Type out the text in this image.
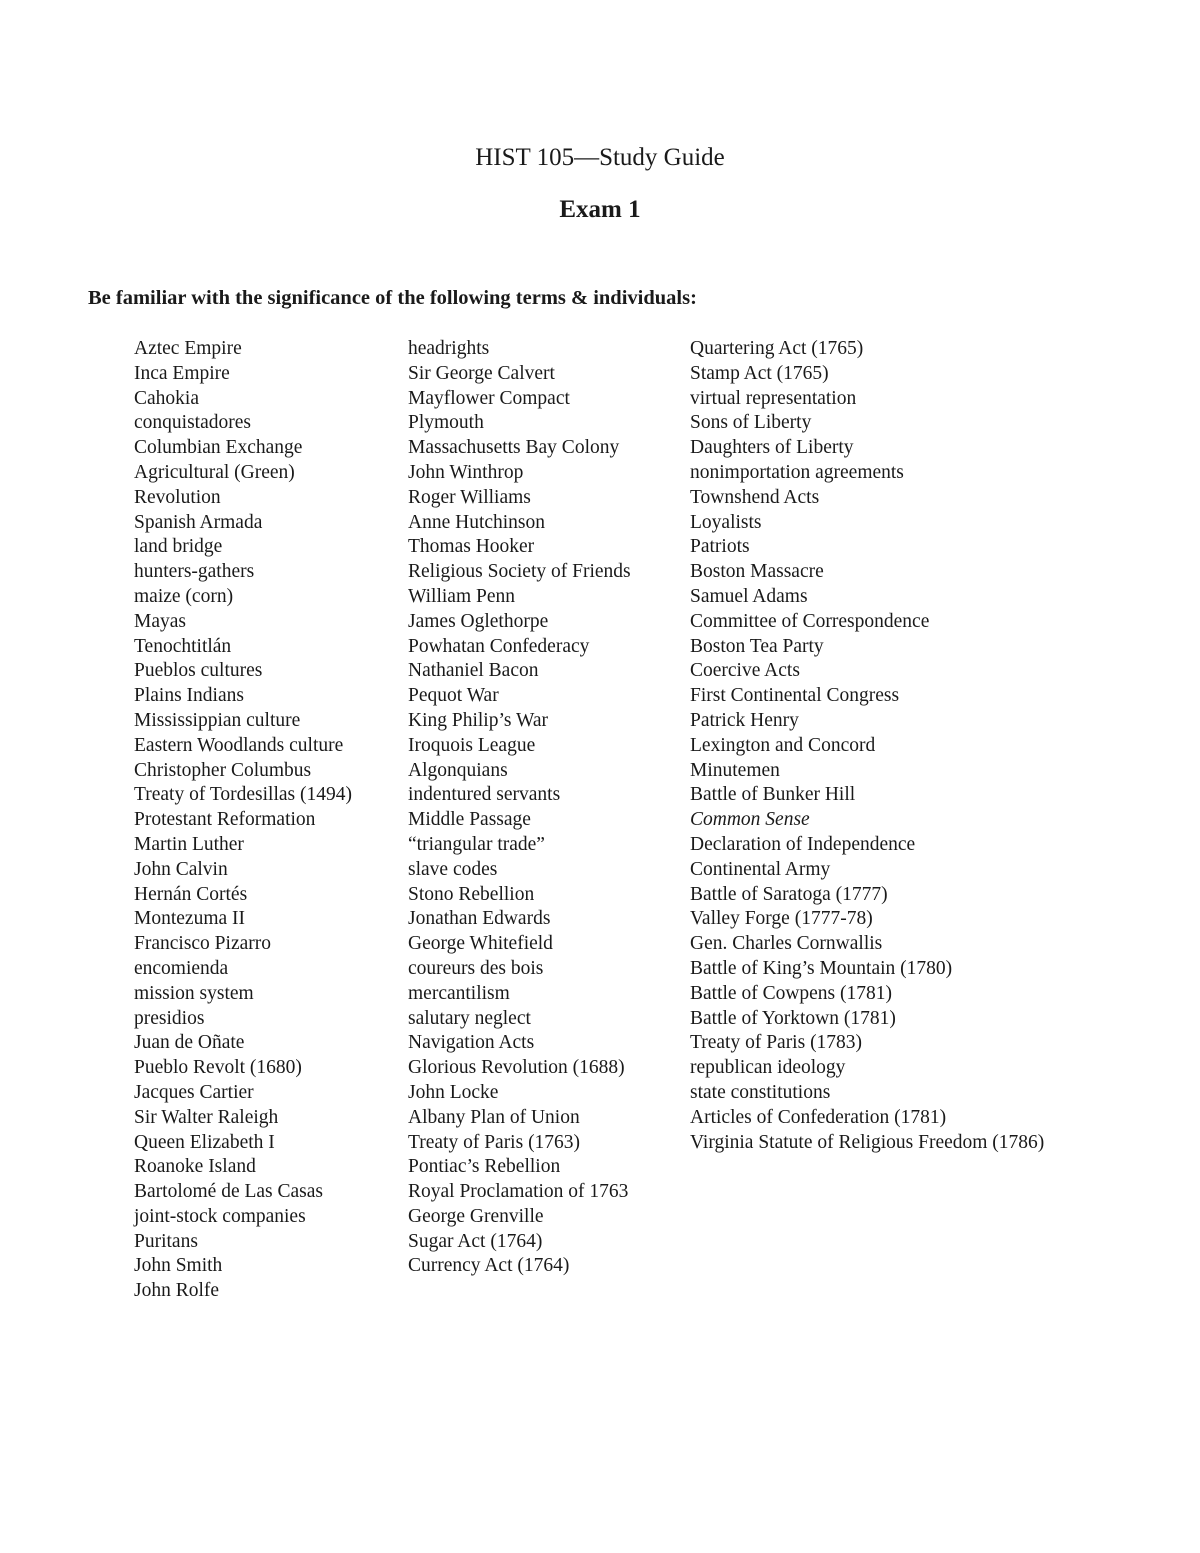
HIST 105—Study Guide
Exam 1
Be familiar with the significance of the following terms & individuals:
Aztec Empire
Inca Empire
Cahokia
conquistadores
Columbian Exchange
Agricultural (Green)
Revolution
Spanish Armada
land bridge
hunters-gathers
maize (corn)
Mayas
Tenochtitlán
Pueblos cultures
Plains Indians
Mississippian culture
Eastern Woodlands culture
Christopher Columbus
Treaty of Tordesillas (1494)
Protestant Reformation
Martin Luther
John Calvin
Hernán Cortés
Montezuma II
Francisco Pizarro
encomienda
mission system
presidios
Juan de Oñate
Pueblo Revolt (1680)
Jacques Cartier
Sir Walter Raleigh
Queen Elizabeth I
Roanoke Island
Bartolomé de Las Casas
joint-stock companies
Puritans
John Smith
John Rolfe
headrights
Sir George Calvert
Mayflower Compact
Plymouth
Massachusetts Bay Colony
John Winthrop
Roger Williams
Anne Hutchinson
Thomas Hooker
Religious Society of Friends
William Penn
James Oglethorpe
Powhatan Confederacy
Nathaniel Bacon
Pequot War
King Philip’s War
Iroquois League
Algonquians
indentured servants
Middle Passage
“triangular trade”
slave codes
Stono Rebellion
Jonathan Edwards
George Whitefield
coureurs des bois
mercantilism
salutary neglect
Navigation Acts
Glorious Revolution (1688)
John Locke
Albany Plan of Union
Treaty of Paris (1763)
Pontiac’s Rebellion
Royal Proclamation of 1763
George Grenville
Sugar Act (1764)
Currency Act (1764)
Quartering Act (1765)
Stamp Act (1765)
virtual representation
Sons of Liberty
Daughters of Liberty
nonimportation agreements
Townshend Acts
Loyalists
Patriots
Boston Massacre
Samuel Adams
Committee of Correspondence
Boston Tea Party
Coercive Acts
First Continental Congress
Patrick Henry
Lexington and Concord
Minutemen
Battle of Bunker Hill
Common Sense
Declaration of Independence
Continental Army
Battle of Saratoga (1777)
Valley Forge (1777-78)
Gen. Charles Cornwallis
Battle of King’s Mountain (1780)
Battle of Cowpens (1781)
Battle of Yorktown (1781)
Treaty of Paris (1783)
republican ideology
state constitutions
Articles of Confederation (1781)
Virginia Statute of Religious Freedom (1786)
